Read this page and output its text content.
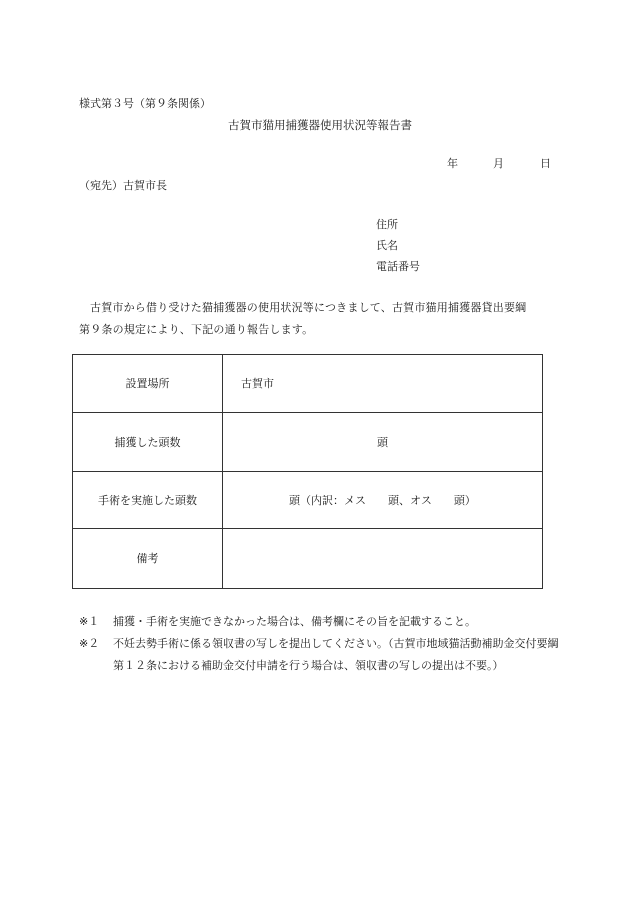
様式第３号（第９条関係）
古賀市猫用捕獲器使用状況等報告書
年	月	日
（宛先）古賀市長
住所
氏名
電話番号
古賀市から借り受けた猫捕獲器の使用状況等につきまして、古賀市猫用捕獲器貸出要綱
第９条の規定により、下記の通り報告します。
設置場所	古賀市
捕獲した頭数	頭
手術を実施した頭数	頭（内訳：メス　　頭、オス　　頭）
備考	
※１	捕獲・手術を実施できなかった場合は、備考欄にその旨を記載すること。
※２	不妊去勢手術に係る領収書の写しを提出してください。（古賀市地域猫活動補助金交付要綱第１２条における補助金交付申請を行う場合は、領収書の写しの提出は不要。）
